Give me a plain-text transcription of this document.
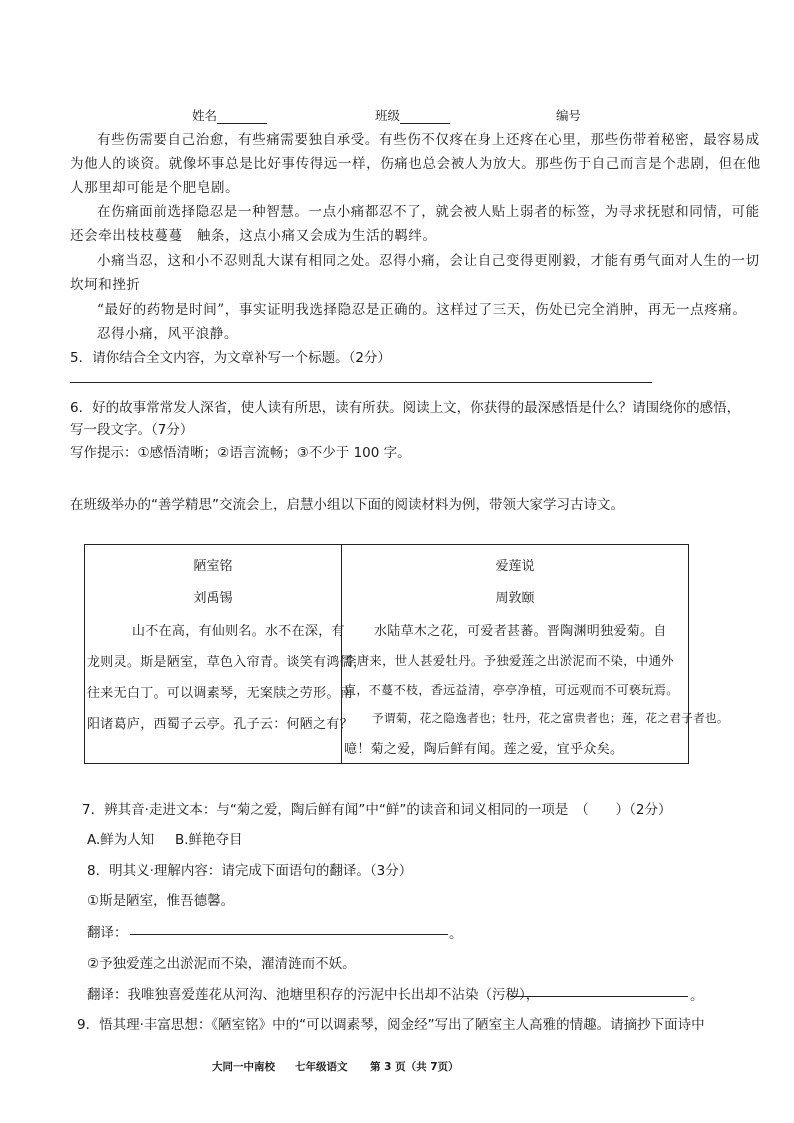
姓名	班级	编号
有些伤需要自己治愈，有些痛需要独自承受。有些伤不仅疼在身上还疼在心里，那些伤带着秘密，最容易成
为他人的谈资。就像坏事总是比好事传得远一样，伤痛也总会被人为放大。那些伤于自己而言是个悲剧，但在他
人那里却可能是个肥皂剧。
在伤痛面前选择隐忍是一种智慧。一点小痛都忍不了，就会被人贴上弱者的标签，为寻求抚慰和同情，可能
还会牵出枝枝蔓蔓　触条，这点小痛又会成为生活的羁绊。
小痛当忍，这和小不忍则乱大谋有相同之处。忍得小痛，会让自己变得更刚毅，才能有勇气面对人生的一切
坎坷和挫折
“最好的药物是时间”，事实证明我选择隐忍是正确的。这样过了三天，伤处已完全消肿，再无一点疼痛。
忍得小痛，风平浪静。
5．请你结合全文内容，为文章补写一个标题。（2分）
6．好的故事常常发人深省，使人读有所思，读有所获。阅读上文，你获得的最深感悟是什么？请围绕你的感悟，
写一段文字。（7分）
写作提示：①感悟清晰；②语言流畅；③不少于 100 字。
在班级举办的“善学精思”交流会上，启慧小组以下面的阅读材料为例，带领大家学习古诗文。
陋室铭
刘禹锡
山不在高，有仙则名。水不在深，有
龙则灵。斯是陋室，草色入帘青。谈笑有鸿儒，
往来无白丁。可以调素琴，无案牍之劳形。南
阳诸葛庐，西蜀子云亭。孔子云：何陋之有？

爱莲说
周敦颐
水陆草木之花，可爱者甚蕃。晋陶渊明独爱菊。自
李唐来，世人甚爱牡丹。予独爱莲之出淤泥而不染，中通外
直，不蔓不枝，香远益清，亭亭净植，可远观而不可亵玩焉。
予谓菊，花之隐逸者也；牡丹，花之富贵者也；莲，花之君子者也。
噫！菊之爱，陶后鲜有闻。莲之爱，宜乎众矣。
7．辨其音·走进文本：与“菊之爱，陶后鲜有闻”中“鲜”的读音和词义相同的一项是　（　　）（2分）
A.鲜为人知 B.鲜艳夺目
8．明其义·理解内容：请完成下面语句的翻译。（3分）
①斯是陋室，惟吾德馨。
翻译：	。
②予独爱莲之出淤泥而不染，濯清涟而不妖。
翻译：我唯独喜爱莲花从河沟、池塘里积存的污泥中长出却不沾染（污秽），	。
9．悟其理·丰富思想：《陋室铭》中的“可以调素琴，阅金经”写出了陋室主人高雅的情趣。请摘抄下面诗中
大同一中南校 七年级语文 第 3 页（共 7页）
